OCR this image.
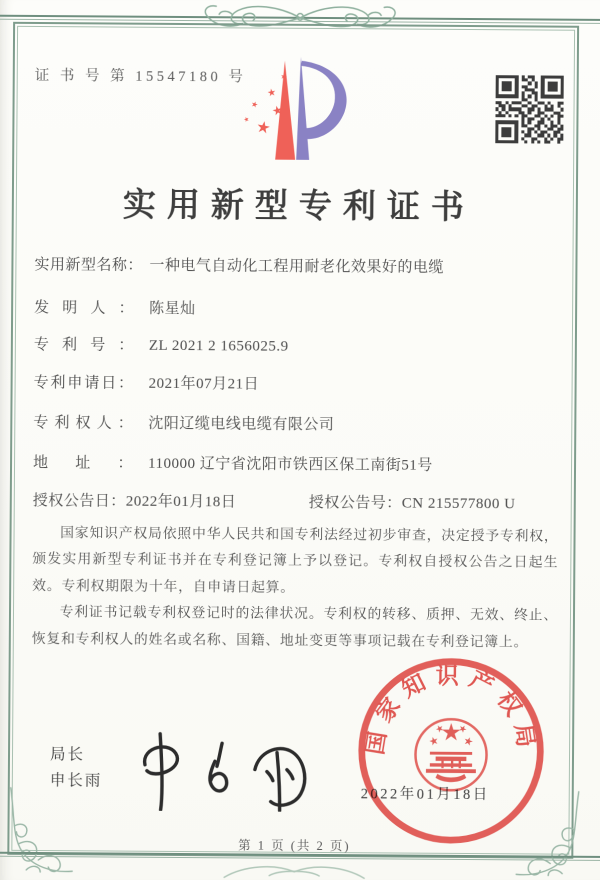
证 书 号 第 15547180 号
实用新型专利证书
实用新型名称： 一种电气自动化工程用耐老化效果好的电缆
发明人： 陈星灿
专利号： ZL 2021 2 1656025.9
专利申请日： 2021年07月21日
专利权人： 沈阳辽缆电线电缆有限公司
地址： 110000 辽宁省沈阳市铁西区保工南街51号
授权公告日：2022年01月18日	授权公告号：CN 215577800 U

国家知识产权局依照中华人民共和国专利法经过初步审查，决定授予专利权，颁发实用新型专利证书并在专利登记簿上予以登记。专利权自授权公告之日起生效。专利权期限为十年，自申请日起算。

专利证书记载专利权登记时的法律状况。专利权的转移、质押、无效、终止、恢复和专利权人的姓名或名称、国籍、地址变更等事项记载在专利登记簿上。

局长
申长雨
2022年01月18日
国家知识产权局
第 1 页 (共 2 页)
